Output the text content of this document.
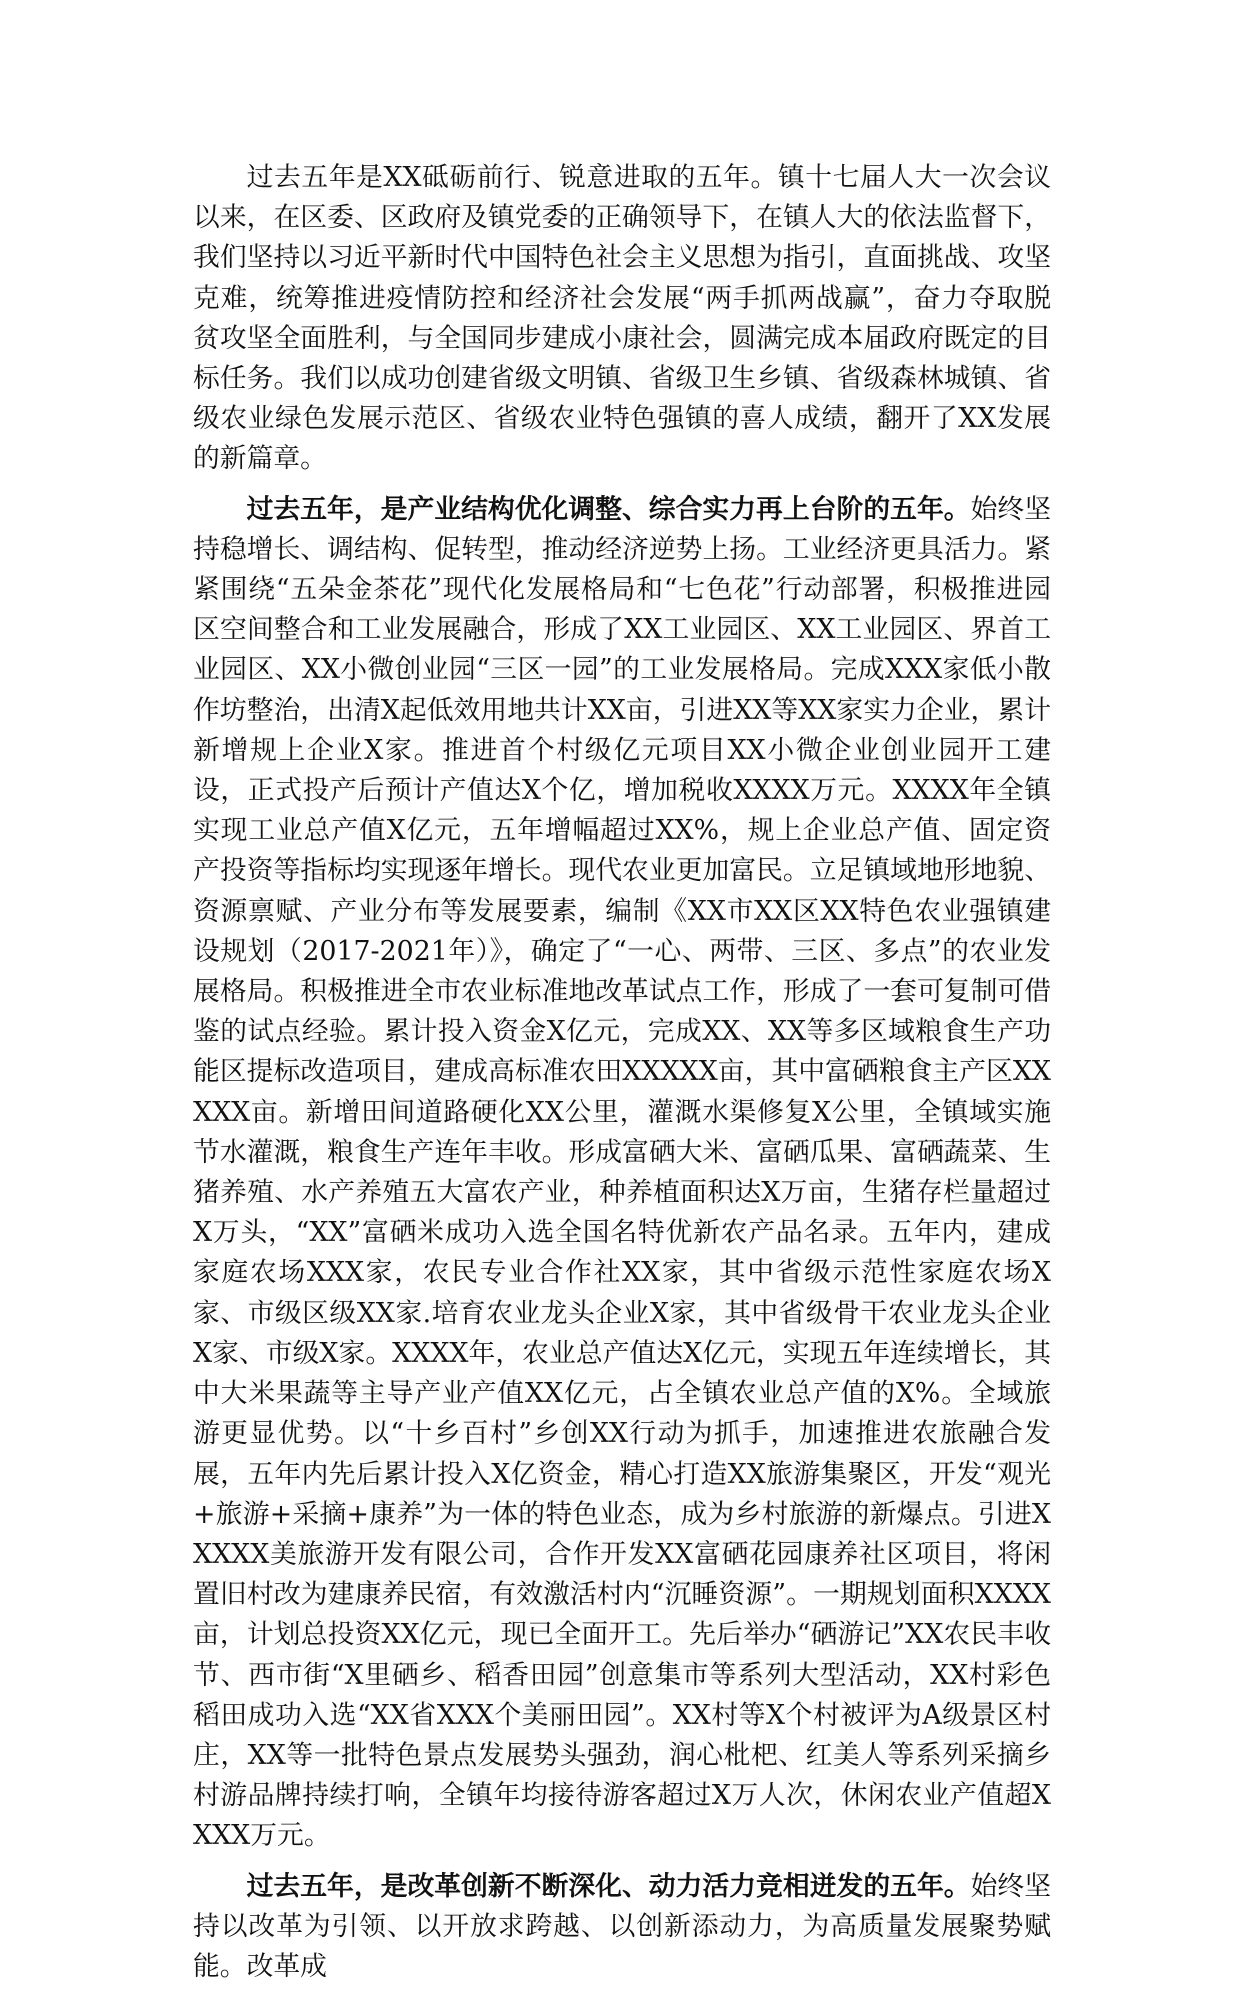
过去五年是XX砥砺前行、锐意进取的五年。镇十七届人大一次会议以来，在区委、区政府及镇党委的正确领导下，在镇人大的依法监督下，我们坚持以习近平新时代中国特色社会主义思想为指引，直面挑战、攻坚克难，统筹推进疫情防控和经济社会发展“两手抓两战赢”，奋力夺取脱贫攻坚全面胜利，与全国同步建成小康社会，圆满完成本届政府既定的目标任务。我们以成功创建省级文明镇、省级卫生乡镇、省级森林城镇、省级农业绿色发展示范区、省级农业特色强镇的喜人成绩，翻开了XX发展的新篇章。

过去五年，是产业结构优化调整、综合实力再上台阶的五年。始终坚持稳增长、调结构、促转型，推动经济逆势上扬。工业经济更具活力。紧紧围绕“五朵金茶花”现代化发展格局和“七色花”行动部署，积极推进园区空间整合和工业发展融合，形成了XX工业园区、XX工业园区、界首工业园区、XX小微创业园“三区一园”的工业发展格局。完成XXX家低小散作坊整治，出清X起低效用地共计XX亩，引进XX等XX家实力企业，累计新增规上企业X家。推进首个村级亿元项目XX小微企业创业园开工建设，正式投产后预计产值达X个亿，增加税收XXXX万元。XXXX年全镇实现工业总产值X亿元，五年增幅超过XX%，规上企业总产值、固定资产投资等指标均实现逐年增长。现代农业更加富民。立足镇域地形地貌、资源禀赋、产业分布等发展要素，编制《XX市XX区XX特色农业强镇建设规划（2017-2021年）》，确定了“一心、两带、三区、多点”的农业发展格局。积极推进全市农业标准地改革试点工作，形成了一套可复制可借鉴的试点经验。累计投入资金X亿元，完成XX、XX等多区域粮食生产功能区提标改造项目，建成高标准农田XXXXX亩，其中富硒粮食主产区XXXXX亩。新增田间道路硬化XX公里，灌溉水渠修复X公里，全镇域实施节水灌溉，粮食生产连年丰收。形成富硒大米、富硒瓜果、富硒蔬菜、生猪养殖、水产养殖五大富农产业，种养植面积达X万亩，生猪存栏量超过X万头，“XX”富硒米成功入选全国名特优新农产品名录。五年内，建成家庭农场XXX家，农民专业合作社XX家，其中省级示范性家庭农场X家、市级区级XX家.培育农业龙头企业X家，其中省级骨干农业龙头企业X家、市级X家。XXXX年，农业总产值达X亿元，实现五年连续增长，其中大米果蔬等主导产业产值XX亿元，占全镇农业总产值的X%。全域旅游更显优势。以“十乡百村”乡创XX行动为抓手，加速推进农旅融合发展，五年内先后累计投入X亿资金，精心打造XX旅游集聚区，开发“观光+旅游+采摘+康养”为一体的特色业态，成为乡村旅游的新爆点。引进XXXXX美旅游开发有限公司，合作开发XX富硒花园康养社区项目，将闲置旧村改为建康养民宿，有效激活村内“沉睡资源”。一期规划面积XXXX亩，计划总投资XX亿元，现已全面开工。先后举办“硒游记”XX农民丰收节、西市街“X里硒乡、稻香田园”创意集市等系列大型活动，XX村彩色稻田成功入选“XX省XXX个美丽田园”。XX村等X个村被评为A级景区村庄，XX等一批特色景点发展势头强劲，润心枇杷、红美人等系列采摘乡村游品牌持续打响，全镇年均接待游客超过X万人次，休闲农业产值超XXXX万元。

过去五年，是改革创新不断深化、动力活力竞相迸发的五年。始终坚持以改革为引领、以开放求跨越、以创新添动力，为高质量发展聚势赋能。改革成
